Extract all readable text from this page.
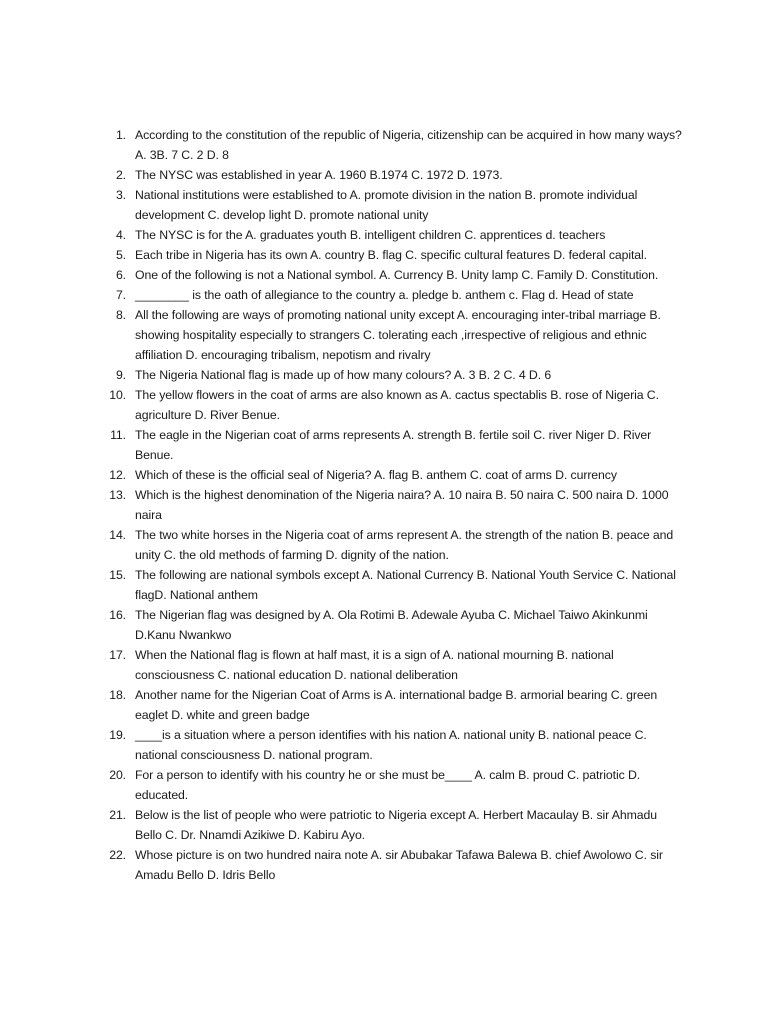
1. According to the constitution of the republic of Nigeria, citizenship can be acquired in how many ways? A. 3B. 7 C. 2 D. 8
2. The NYSC was established in year A. 1960 B.1974 C. 1972 D. 1973.
3. National institutions were established to A. promote division in the nation B. promote individual development C. develop light D. promote national unity
4. The NYSC is for the A. graduates youth B. intelligent children C. apprentices d. teachers
5. Each tribe in Nigeria has its own A. country B. flag C. specific cultural features D. federal capital.
6. One of the following is not a National symbol. A. Currency B. Unity lamp C. Family D. Constitution.
7. ________ is the oath of allegiance to the country a. pledge b. anthem c. Flag d. Head of state
8. All the following are ways of promoting national unity except A. encouraging inter-tribal marriage B. showing hospitality especially to strangers C. tolerating each ,irrespective of religious and ethnic affiliation D. encouraging tribalism, nepotism and rivalry
9. The Nigeria National flag is made up of how many colours? A. 3 B. 2 C. 4 D. 6
10. The yellow flowers in the coat of arms are also known as A. cactus spectablis B. rose of Nigeria C. agriculture D. River Benue.
11. The eagle in the Nigerian coat of arms represents A. strength B. fertile soil C. river Niger D. River Benue.
12. Which of these is the official seal of Nigeria? A. flag B. anthem C. coat of arms D. currency
13. Which is the highest denomination of the Nigeria naira? A. 10 naira B. 50 naira C. 500 naira D. 1000 naira
14. The two white horses in the Nigeria coat of arms represent A. the strength of the nation B. peace and unity C. the old methods of farming D. dignity of the nation.
15. The following are national symbols except A. National Currency B. National Youth Service C. National flagD. National anthem
16. The Nigerian flag was designed by A. Ola Rotimi B. Adewale Ayuba C. Michael Taiwo Akinkunmi D.Kanu Nwankwo
17. When the National flag is flown at half mast, it is a sign of A. national mourning B. national consciousness C. national education D. national deliberation
18. Another name for the Nigerian Coat of Arms is A. international badge B. armorial bearing C. green eaglet D. white and green badge
19. ____is a situation where a person identifies with his nation A. national unity B. national peace C. national consciousness D. national program.
20. For a person to identify with his country he or she must be____ A. calm B. proud C. patriotic D. educated.
21. Below is the list of people who were patriotic to Nigeria except A. Herbert Macaulay B. sir Ahmadu Bello C. Dr. Nnamdi Azikiwe D. Kabiru Ayo.
22. Whose picture is on two hundred naira note A. sir Abubakar Tafawa Balewa B. chief Awolowo C. sir Amadu Bello D. Idris Bello
